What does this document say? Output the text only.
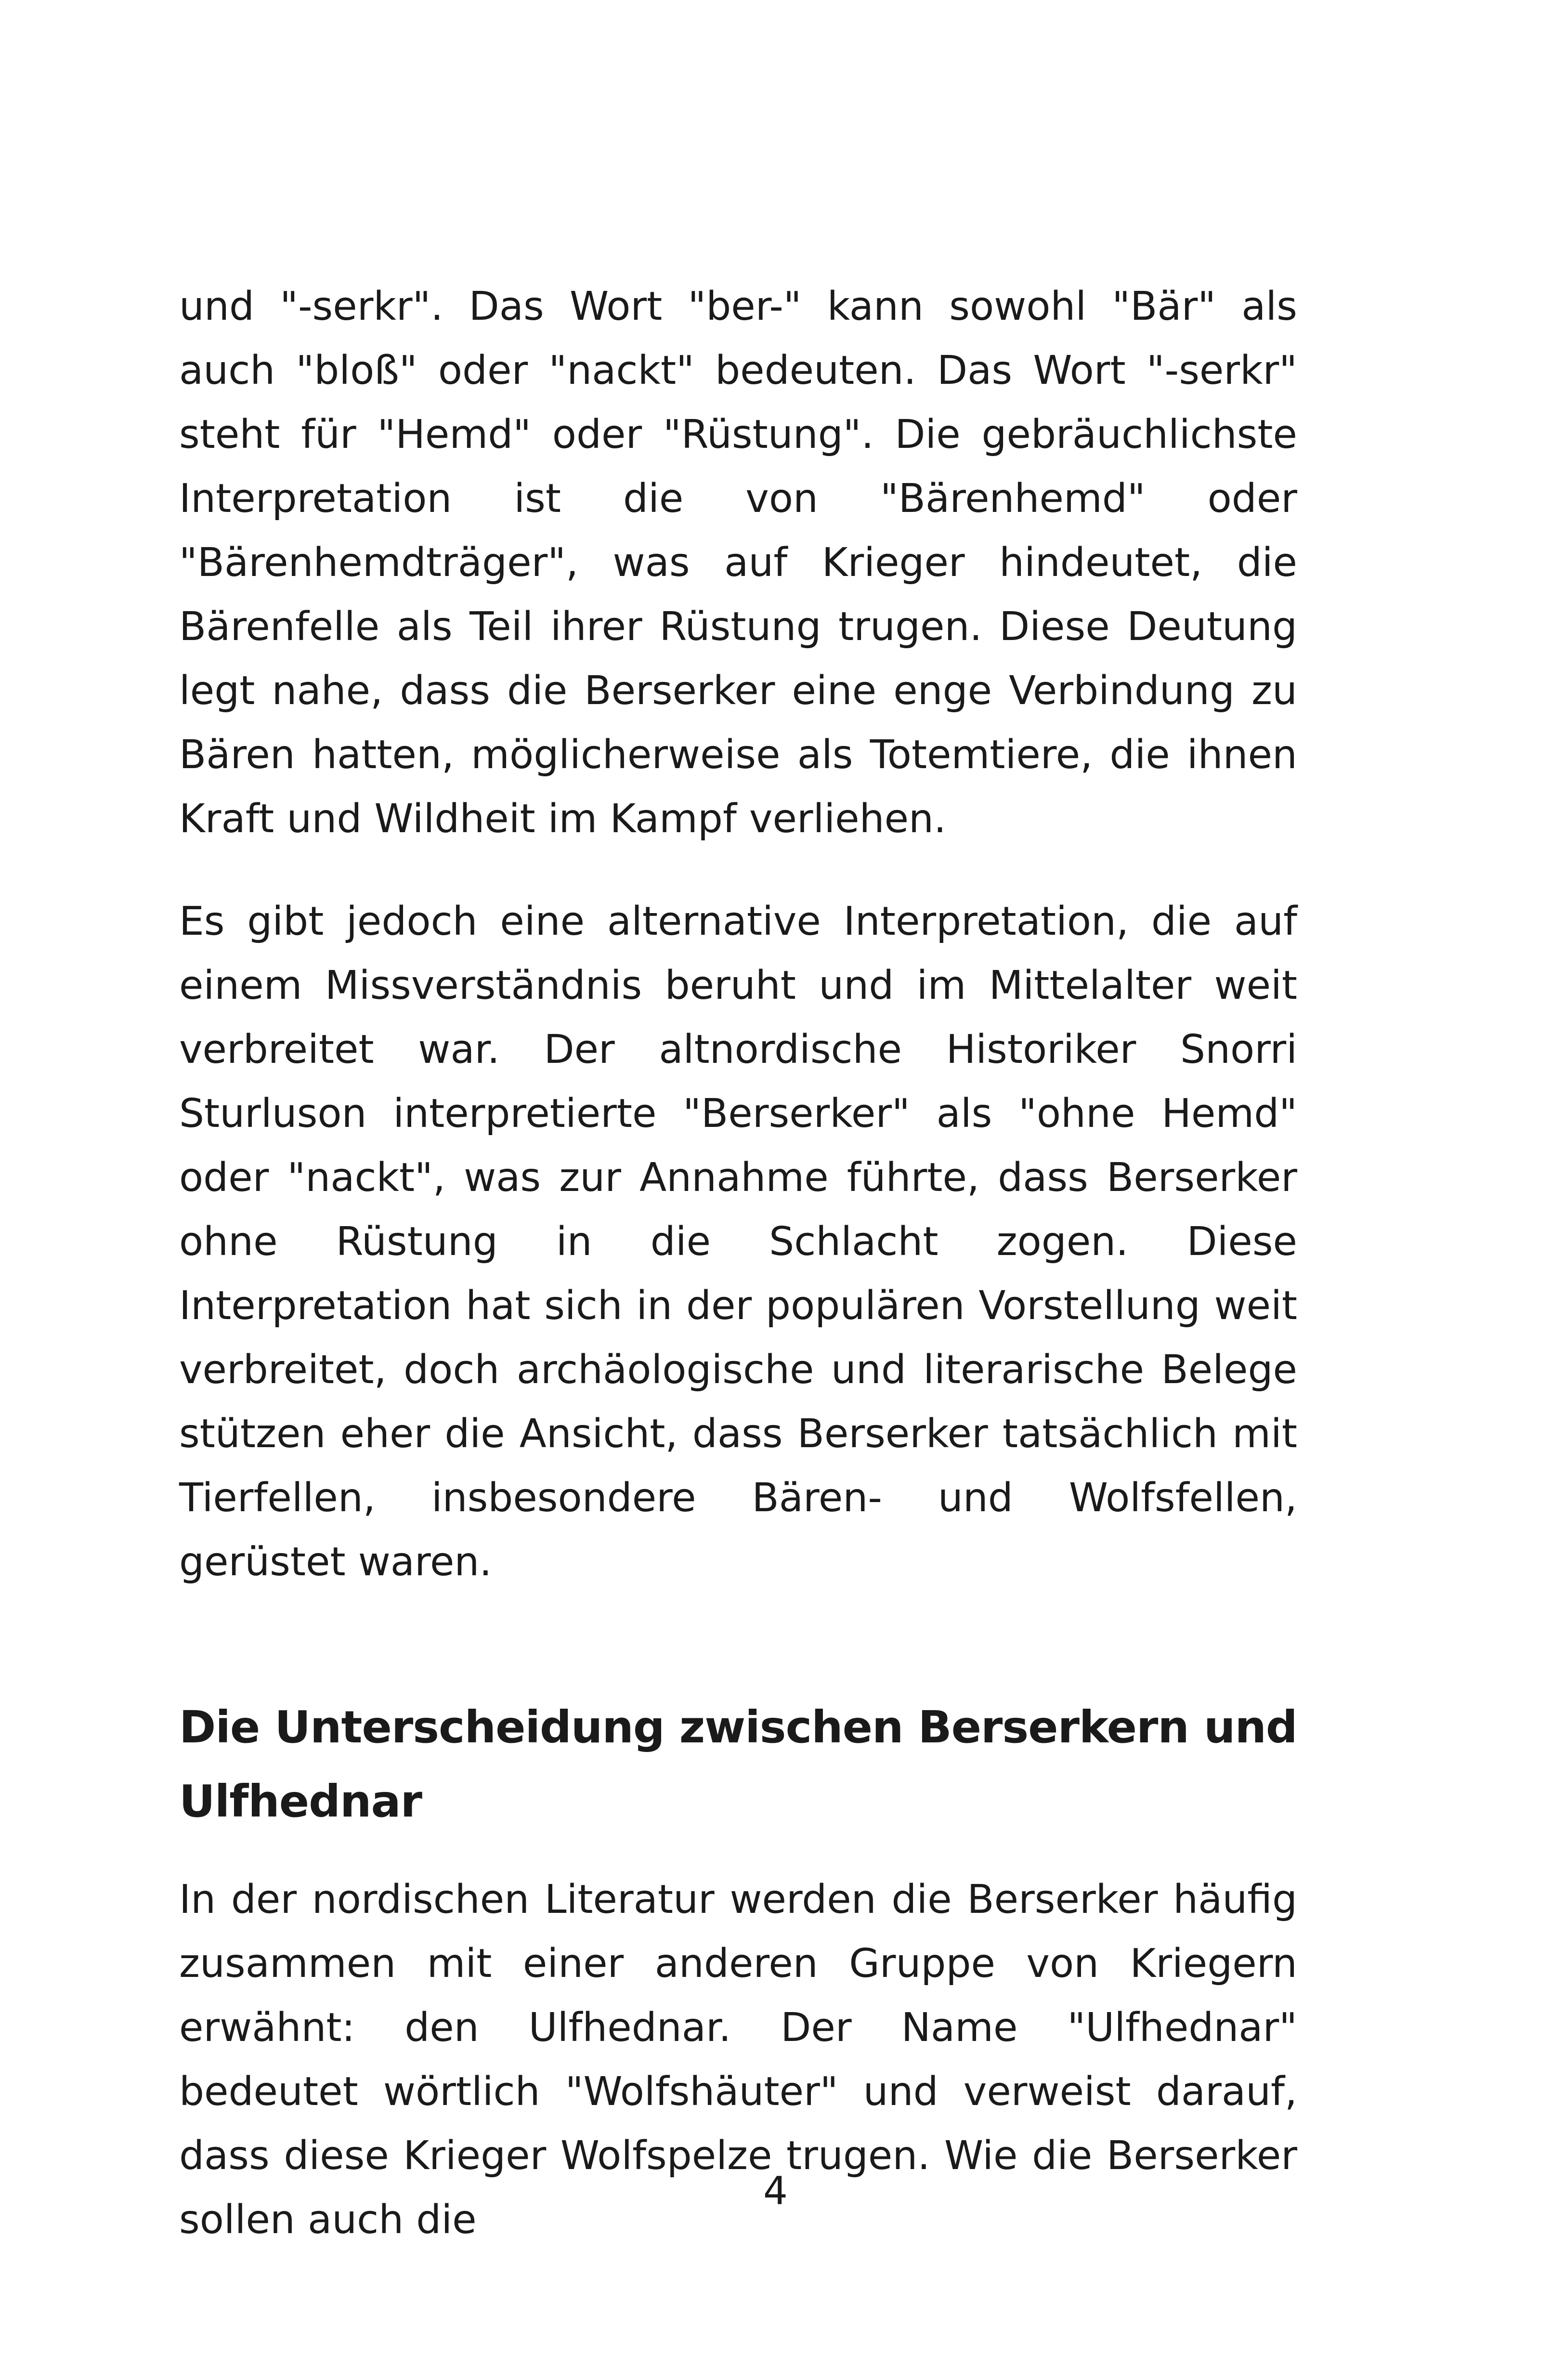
und "-serkr". Das Wort "ber-" kann sowohl "Bär" als auch "bloß" oder "nackt" bedeuten. Das Wort "-serkr" steht für "Hemd" oder "Rüstung". Die gebräuchlichste Interpretation ist die von "Bärenhemd" oder "Bärenhemdträger", was auf Krieger hindeutet, die Bärenfelle als Teil ihrer Rüstung trugen. Diese Deutung legt nahe, dass die Berserker eine enge Verbindung zu Bären hatten, möglicherweise als Totemtiere, die ihnen Kraft und Wildheit im Kampf verliehen.

Es gibt jedoch eine alternative Interpretation, die auf einem Missverständnis beruht und im Mittelalter weit verbreitet war. Der altnordische Historiker Snorri Sturluson interpretierte "Berserker" als "ohne Hemd" oder "nackt", was zur Annahme führte, dass Berserker ohne Rüstung in die Schlacht zogen. Diese Interpretation hat sich in der populären Vorstellung weit verbreitet, doch archäologische und literarische Belege stützen eher die Ansicht, dass Berserker tatsächlich mit Tierfellen, insbesondere Bären- und Wolfsfellen, gerüstet waren.

Die Unterscheidung zwischen Berserkern und Ulfhednar

In der nordischen Literatur werden die Berserker häufig zusammen mit einer anderen Gruppe von Kriegern erwähnt: den Ulfhednar. Der Name "Ulfhednar" bedeutet wörtlich "Wolfshäuter" und verweist darauf, dass diese Krieger Wolfspelze trugen. Wie die Berserker sollen auch die

4
